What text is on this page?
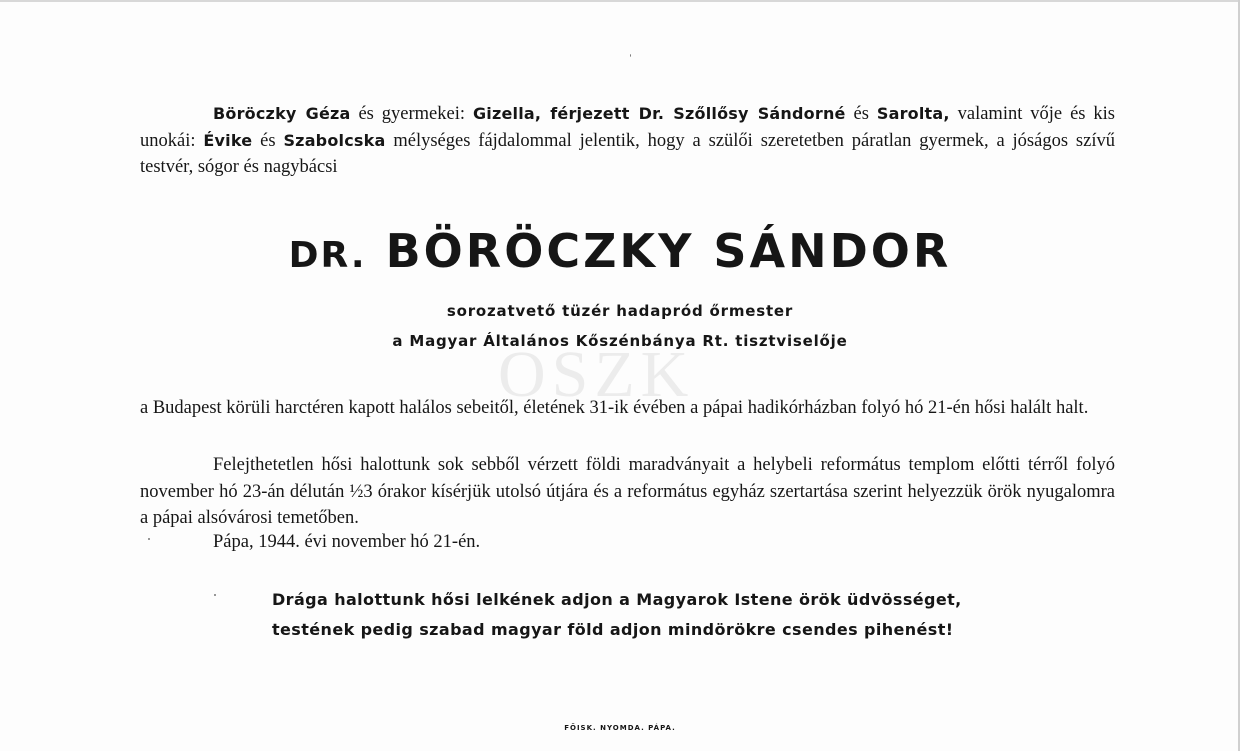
Böröczky Géza és gyermekei: Gizella, férjezett Dr. Szőllősy Sándorné és Sarolta, valamint vője és kis unokái: Évike és Szabolcska mélységes fájdalommal jelentik, hogy a szülői szeretetben páratlan gyermek, a jóságos szívű testvér, sógor és nagybácsi

DR. BÖRÖCZKY SÁNDOR
sorozatvető tüzér hadapród őrmester
a Magyar Általános Kőszénbánya Rt. tisztviselője
OSZK

a Budapest körüli harctéren kapott halálos sebeitől, életének 31-ik évében a pápai hadikórházban folyó hó 21-én hősi halált halt.

Felejthetetlen hősi halottunk sok sebből vérzett földi maradványait a helybeli református templom előtti térről folyó november hó 23-án délután ½3 órakor kísérjük utolsó útjára és a református egyház szertartása szerint helyezzük örök nyugalomra a pápai alsóvárosi temetőben.

Pápa, 1944. évi november hó 21-én.
Drága halottunk hősi lelkének adjon a Magyarok Istene örök üdvösséget,
testének pedig szabad magyar föld adjon mindörökre csendes pihenést!
FŐISK. NYOMDA. PÁPA.
